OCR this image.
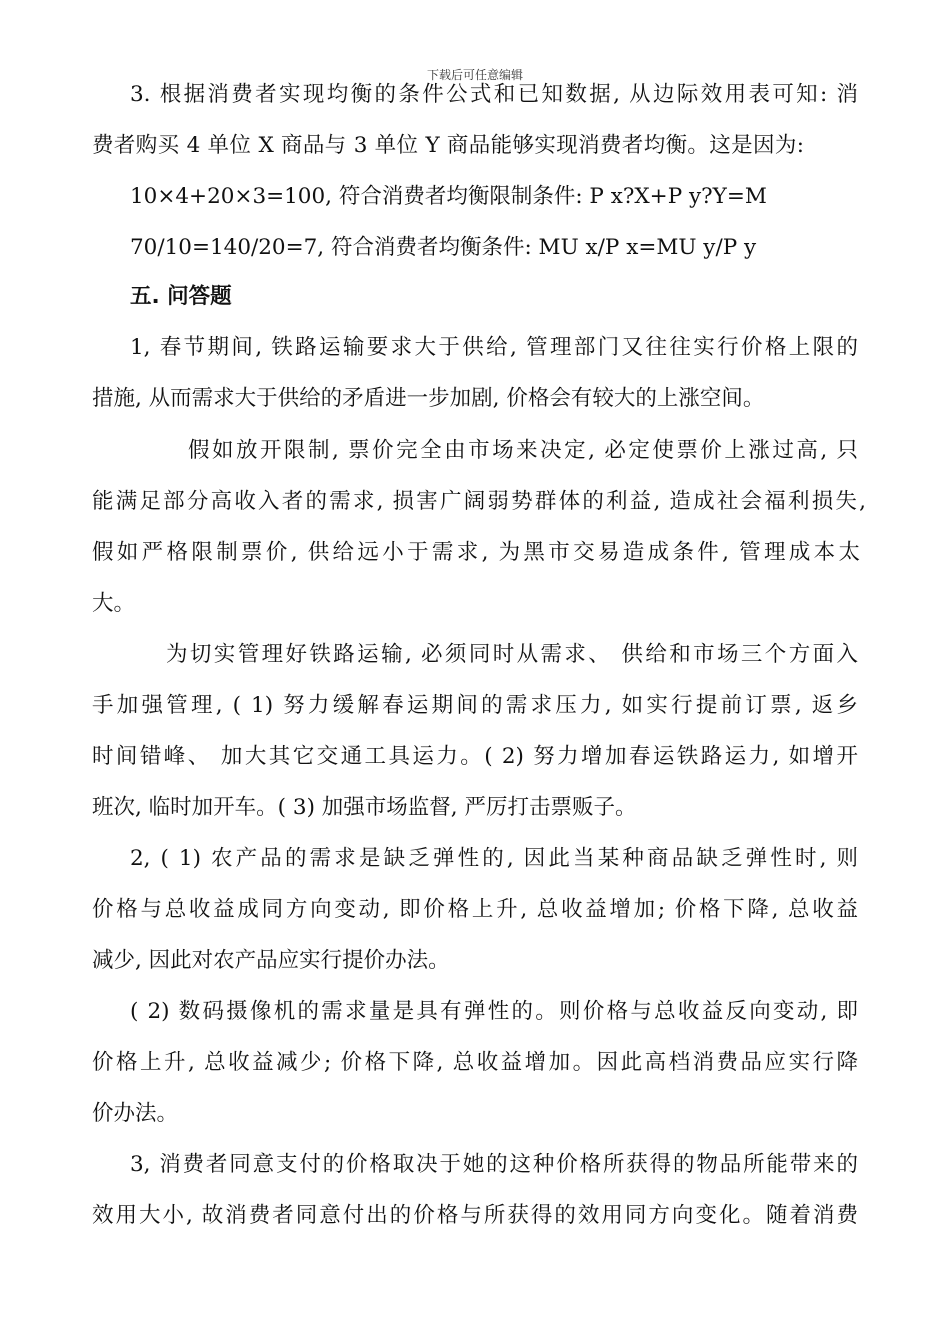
下载后可任意编辑
3. 根据消费者实现均衡的条件公式和已知数据, 从边际效用表可知: 消
费者购买 4 单位 X 商品与 3 单位 Y 商品能够实现消费者均衡。这是因为:
10×4+20×3=100, 符合消费者均衡限制条件: P x?X+P y?Y=M
70/10=140/20=7, 符合消费者均衡条件: MU x/P x=MU y/P y
五. 问答题
1, 春节期间, 铁路运输要求大于供给, 管理部门又往往实行价格上限的
措施, 从而需求大于供给的矛盾进一步加剧, 价格会有较大的上涨空间。
假如放开限制, 票价完全由市场来决定, 必定使票价上涨过高, 只
能满足部分高收入者的需求, 损害广阔弱势群体的利益, 造成社会福利损失,
假如严格限制票价, 供给远小于需求, 为黑市交易造成条件, 管理成本太
大。
为切实管理好铁路运输, 必须同时从需求、 供给和市场三个方面入
手加强管理, ( 1) 努力缓解春运期间的需求压力, 如实行提前订票, 返乡
时间错峰、 加大其它交通工具运力。( 2) 努力增加春运铁路运力, 如增开
班次, 临时加开车。( 3) 加强市场监督, 严厉打击票贩子。
2, ( 1) 农产品的需求是缺乏弹性的, 因此当某种商品缺乏弹性时, 则
价格与总收益成同方向变动, 即价格上升, 总收益增加; 价格下降, 总收益
减少, 因此对农产品应实行提价办法。
( 2) 数码摄像机的需求量是具有弹性的。则价格与总收益反向变动, 即
价格上升, 总收益减少; 价格下降, 总收益增加。因此高档消费品应实行降
价办法。
3, 消费者同意支付的价格取决于她的这种价格所获得的物品所能带来的
效用大小, 故消费者同意付出的价格与所获得的效用同方向变化。随着消费
